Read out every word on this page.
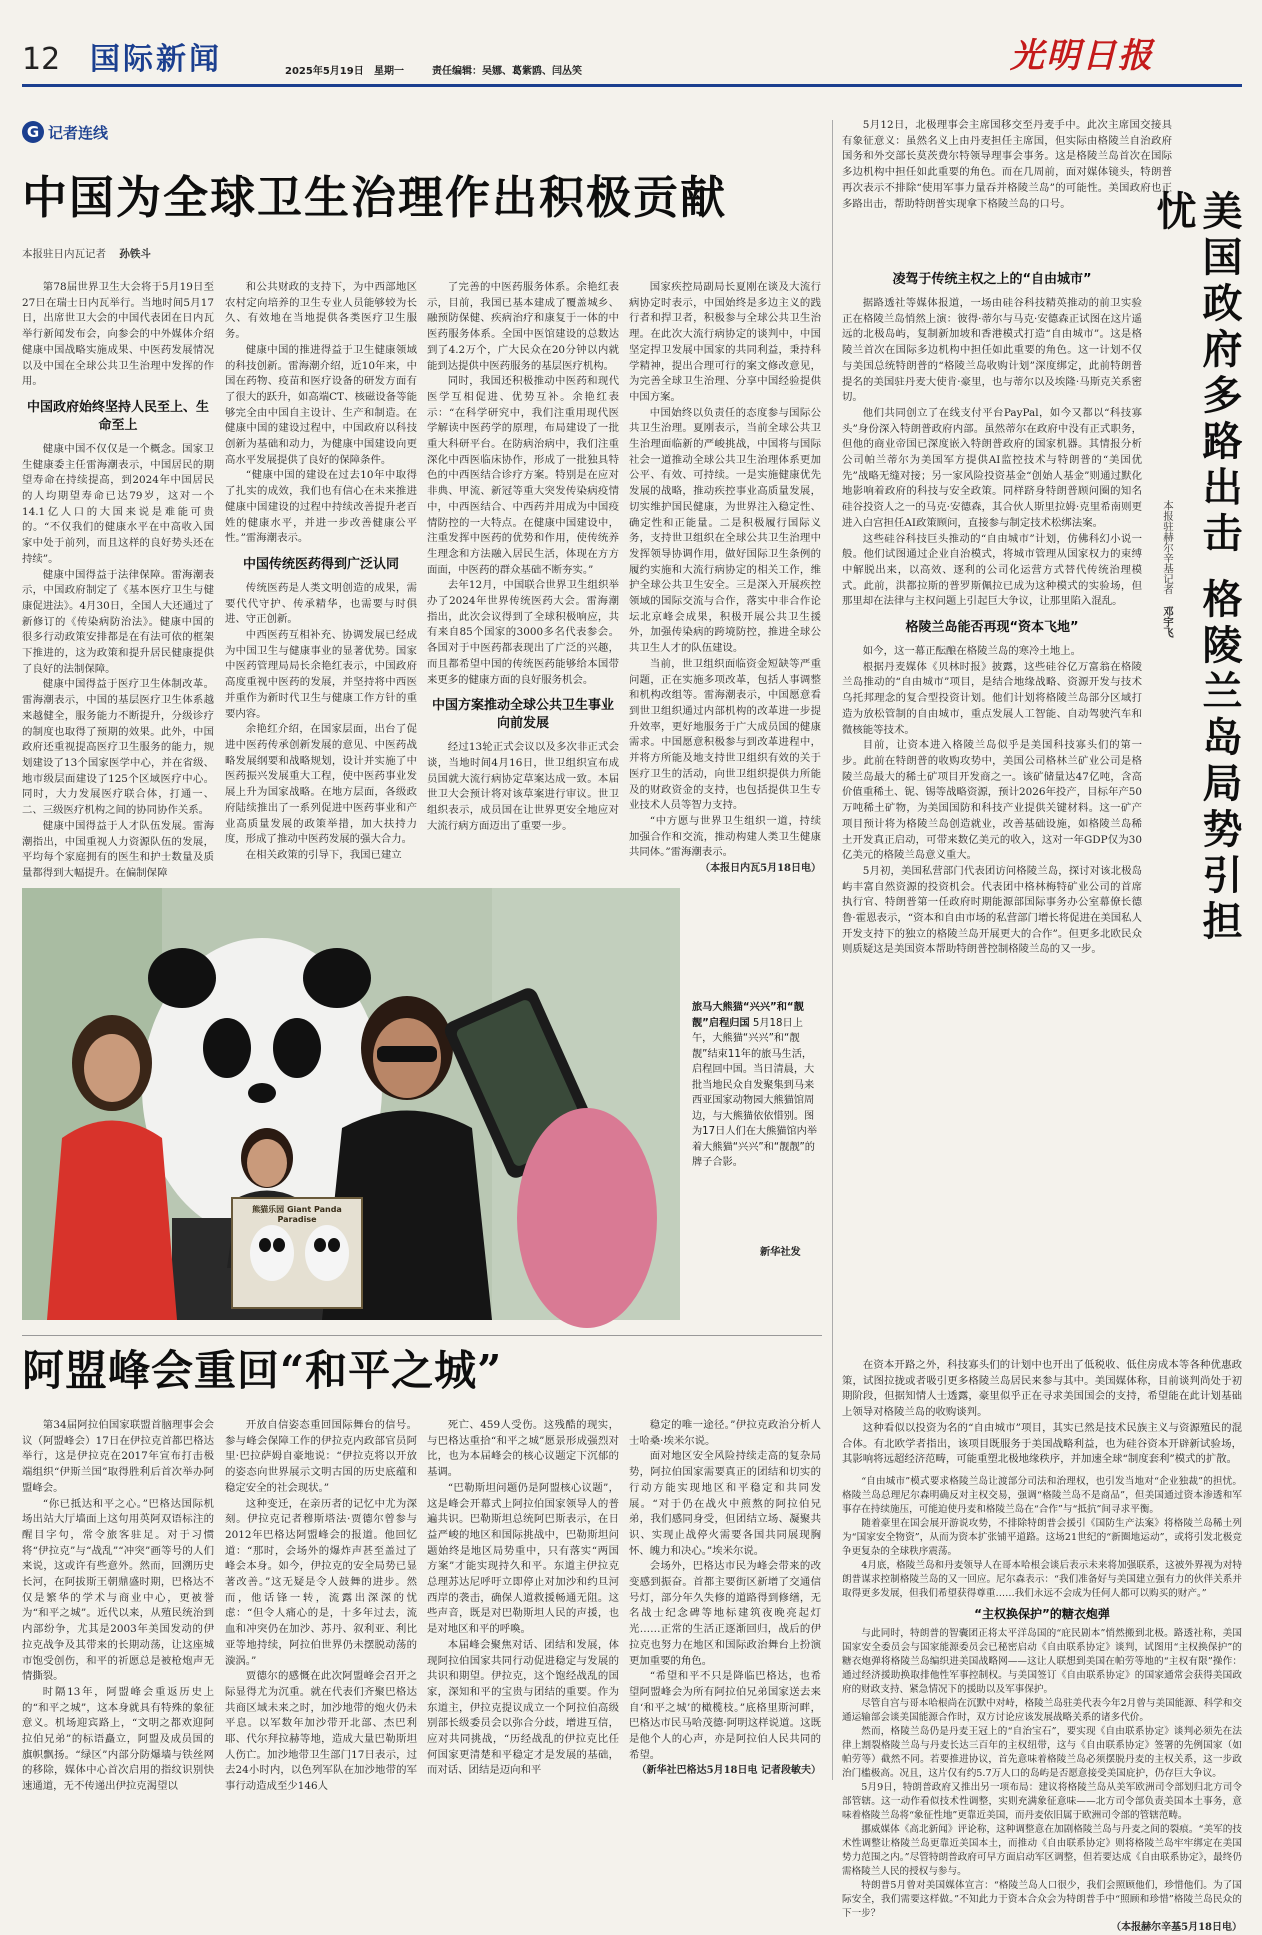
12 国际新闻	2025年5月19日 星期一	责任编辑：吴娜、葛紫鸥、闫丛笑	光明日报
G 记者连线
中国为全球卫生治理作出积极贡献
本报驻日内瓦记者 孙铁斗

第78届世界卫生大会将于5月19日至27日在瑞士日内瓦举行。当地时间5月17日，出席世卫大会的中国代表团在日内瓦举行新闻发布会，向参会的中外媒体介绍健康中国战略实施成果、中医药发展情况以及中国在全球公共卫生治理中发挥的作用。

中国政府始终坚持人民至上、生命至上

健康中国不仅仅是一个概念。国家卫生健康委主任雷海潮表示，中国居民的期望寿命在持续提高，到2024年中国居民的人均期望寿命已达79岁，这对一个14.1亿人口的大国来说是难能可贵的。“不仅我们的健康水平在中高收入国家中处于前列，而且这样的良好势头还在持续”。

健康中国得益于法律保障。雷海潮表示，中国政府制定了《基本医疗卫生与健康促进法》。4月30日，全国人大还通过了新修订的《传染病防治法》。健康中国的很多行动政策安排都是在有法可依的框架下推进的，这为政策和提升居民健康提供了良好的法制保障。

健康中国得益于医疗卫生体制改革。雷海潮表示，中国的基层医疗卫生体系越来越健全，服务能力不断提升，分级诊疗的制度也取得了预期的效果。此外，中国政府还重视提高医疗卫生服务的能力，规划建设了13个国家医学中心，并在省级、地市级层面建设了125个区域医疗中心。同时，大力发展医疗联合体，打通一、二、三级医疗机构之间的协同协作关系。

健康中国得益于人才队伍发展。雷海潮指出，中国重视人力资源队伍的发展，平均每个家庭拥有的医生和护士数量及质量都得到大幅提升。在偏制保障

和公共财政的支持下，为中西部地区农村定向培养的卫生专业人员能够较为长久、有效地在当地提供各类医疗卫生服务。

健康中国的推进得益于卫生健康领域的科技创新。雷海潮介绍，近10年来，中国在药物、疫苗和医疗设备的研发方面有了很大的跃升，如高端CT、核磁设备等能够完全由中国自主设计、生产和制造。在健康中国的建设过程中，中国政府以科技创新为基础和动力，为健康中国建设向更高水平发展提供了良好的保障条件。

“健康中国的建设在过去10年中取得了扎实的成效，我们也有信心在未来推进健康中国建设的过程中持续改善提升老百姓的健康水平，并进一步改善健康公平性。”雷海潮表示。

中国传统医药得到广泛认同

传统医药是人类文明创造的成果，需要代代守护、传承精华，也需要与时俱进、守正创新。

中西医药互相补充、协调发展已经成为中国卫生与健康事业的显著优势。国家中医药管理局局长余艳红表示，中国政府高度重视中医药的发展，并坚持将中西医并重作为新时代卫生与健康工作方针的重要内容。

余艳红介绍，在国家层面，出台了促进中医药传承创新发展的意见、中医药战略发展纲要和战略规划，设计并实施了中医药振兴发展重大工程，使中医药事业发展上升为国家战略。在地方层面，各级政府陆续推出了一系列促进中医药事业和产业高质量发展的政策举措，加大扶持力度，形成了推动中医药发展的强大合力。

在相关政策的引导下，我国已建立

了完善的中医药服务体系。余艳红表示，目前，我国已基本建成了覆盖城乡、融预防保健、疾病治疗和康复于一体的中医药服务体系。全国中医馆建设的总数达到了4.2万个，广大民众在20分钟以内就能到达提供中医药服务的基层医疗机构。

同时，我国还积极推动中医药和现代医学互相促进、优势互补。余艳红表示：“在科学研究中，我们注重用现代医学解读中医药学的原理，布局建设了一批重大科研平台。在防病治病中，我们注重深化中西医临床协作，形成了一批独具特色的中西医结合诊疗方案。特别是在应对非典、甲流、新冠等重大突发传染病疫情中，中西医结合、中西药并用成为中国疫情防控的一大特点。在健康中国建设中，注重发挥中医药的优势和作用，使传统养生理念和方法融入居民生活，体现在方方面面，中医药的群众基础不断夯实。”

去年12月，中国联合世界卫生组织举办了2024年世界传统医药大会。雷海潮指出，此次会议得到了全球积极响应，共有来自85个国家的3000多名代表参会。各国对于中医药都表现出了广泛的兴趣，而且都希望中国的传统医药能够给本国带来更多的健康方面的良好服务机会。

中国方案推动全球公共卫生事业向前发展

经过13轮正式会议以及多次非正式会谈，当地时间4月16日，世卫组织宣布成员国就大流行病协定草案达成一致。本届世卫大会预计将对该草案进行审议。世卫组织表示，成员国在让世界更安全地应对大流行病方面迈出了重要一步。

国家疾控局副局长夏刚在谈及大流行病协定时表示，中国始终是多边主义的践行者和捍卫者，积极参与全球公共卫生治理。在此次大流行病协定的谈判中，中国坚定捍卫发展中国家的共同利益，秉持科学精神，提出合理可行的案文修改意见，为完善全球卫生治理、分享中国经验提供中国方案。

中国始终以负责任的态度参与国际公共卫生治理。夏刚表示，当前全球公共卫生治理面临新的严峻挑战，中国将与国际社会一道推动全球公共卫生治理体系更加公平、有效、可持续。一是实施健康优先发展的战略，推动疾控事业高质量发展，切实维护国民健康，为世界注入稳定性、确定性和正能量。二是积极履行国际义务，支持世卫组织在全球公共卫生治理中发挥领导协调作用，做好国际卫生条例的履约实施和大流行病协定的相关工作，维护全球公共卫生安全。三是深入开展疾控领域的国际交流与合作，落实中非合作论坛北京峰会成果，积极开展公共卫生援外，加强传染病的跨境防控，推进全球公共卫生人才的队伍建设。

当前，世卫组织面临资金短缺等严重问题，正在实施多项改革，包括人事调整和机构改组等。雷海潮表示，中国愿意看到世卫组织通过内部机构的改革进一步提升效率，更好地服务于广大成员国的健康需求。中国愿意积极参与到改革进程中，并将方所能及地支持世卫组织有效的关于医疗卫生的活动，向世卫组织提供力所能及的财政资金的支持，也包括提供卫生专业技术人员等智力支持。

“中方愿与世界卫生组织一道，持续加强合作和交流，推动构建人类卫生健康共同体。”雷海潮表示。

（本报日内瓦5月18日电）
熊猫乐园 Giant Panda Paradise
旅马大熊猫“兴兴”和“靓靓”启程归国 5月18日上午，大熊猫“兴兴”和“靓靓”结束11年的旅马生活，启程回中国。当日清晨，大批当地民众自发聚集到马来西亚国家动物园大熊猫馆周边，与大熊猫依依惜别。图为17日人们在大熊猫馆内举着大熊猫“兴兴”和“靓靓”的牌子合影。
新华社发
阿盟峰会重回“和平之城”

第34届阿拉伯国家联盟首脑理事会会议（阿盟峰会）17日在伊拉克首都巴格达举行，这是伊拉克在2017年宣布打击极端组织“伊斯兰国”取得胜利后首次举办阿盟峰会。

“你已抵达和平之心。”巴格达国际机场出站大厅墙面上这句用英阿双语标注的醒目字句，常令旅客驻足。对于习惯将“伊拉克”与“战乱”“冲突”画等号的人们来说，这或许有些意外。然而，回溯历史长河，在阿拔斯王朝鼎盛时期，巴格达不仅是繁华的学术与商业中心，更被誉为“和平之城”。近代以来，从殖民统治到内部纷争，尤其是2003年美国发动的伊拉克战争及其带来的长期动荡，让这座城市饱受创伤，和平的祈愿总是被枪炮声无情撕裂。

时隔13年，阿盟峰会重返历史上的“和平之城”，这本身就具有特殊的象征意义。机场迎宾路上，“文明之都欢迎阿拉伯兄弟”的标语矗立，阿盟及成员国的旗帜飘扬。“绿区”内部分防爆墙与铁丝网的移除，媒体中心首次启用的指纹识别快速通道，无不传递出伊拉克渴望以

开放自信姿态重回国际舞台的信号。参与峰会保障工作的伊拉克内政部官员阿里·巴拉萨姆自豪地说：“伊拉克将以开放的姿态向世界展示文明古国的历史底蕴和稳定安全的社会现状。”

这种变迁，在亲历者的记忆中尤为深刻。伊拉克记者穆斯塔法·贾德尔曾参与2012年巴格达阿盟峰会的报道。他回忆道：“那时，会场外的爆炸声甚至盖过了峰会本身。如今，伊拉克的安全局势已显著改善。”这无疑是令人鼓舞的进步。然而，他话锋一转，流露出深深的忧虑：“但令人痛心的是，十多年过去，流血和冲突仍在加沙、苏丹、叙利亚、利比亚等地持续，阿拉伯世界仍未摆脱动荡的漩涡。”

贾德尔的感慨在此次阿盟峰会召开之际显得尤为沉重。就在代表们齐聚巴格达共商区域未来之时，加沙地带的炮火仍未平息。以军数年加沙带开北部、杰巴利耶、代尔拜拉赫等地，造成大量巴勒斯坦人伤亡。加沙地带卫生部门17日表示，过去24小时内，以色列军队在加沙地带的军事行动造成至少146人

死亡、459人受伤。这残酷的现实，与巴格达重拾“和平之城”愿景形成强烈对比，也为本届峰会的核心议题定下沉郁的基调。

“巴勒斯坦问题仍是阿盟核心议题”，这是峰会开幕式上阿拉伯国家领导人的普遍共识。巴勒斯坦总统阿巴斯表示，在日益严峻的地区和国际挑战中，巴勒斯坦问题始终是地区局势重中，只有落实“两国方案”才能实现持久和平。东道主伊拉克总理苏达尼呼吁立即停止对加沙和约旦河西岸的袭击，确保人道救援畅通无阻。这些声音，既是对巴勒斯坦人民的声援，也是对地区和平的呼喚。

本届峰会聚焦对话、团结和发展，体现阿拉伯国家共同行动促进稳定与发展的共识和期望。伊拉克，这个饱经战乱的国家，深知和平的宝贵与团结的重要。作为东道主，伊拉克提议成立一个阿拉伯高级别部长级委员会以弥合分歧，增进互信，应对共同挑战，“历经战乱的伊拉克比任何国家更清楚和平稳定才是发展的基础，而对话、团结是迈向和平

稳定的唯一途径。”伊拉克政治分析人士哈桑·埃米尔说。

面对地区安全风险持续走高的复杂局势，阿拉伯国家需要真正的团结和切实的行动方能实现地区和平稳定和共同发展。“对于仍在战火中煎熬的阿拉伯兄弟，我们感同身受，但团结立场、凝聚共识、实现止战停火需要各国共同展现胸怀、魄力和决心。”埃米尔说。

会场外，巴格达市民为峰会带来的改变感到振奋。首都主要街区新增了交通信号灯，部分年久失修的道路得到修缮，无名战士纪念碑等地标建筑夜晚亮起灯光……正常的生活正逐渐回归，战后的伊拉克也努力在地区和国际政治舞台上扮演更加重要的角色。

“希望和平不只是降临巴格达，也希望阿盟峰会为所有阿拉伯兄弟国家送去来自‘和平之城’的橄榄枝。”底格里斯河畔，巴格达市民马哈茂德·阿明这样说道。这既是他个人的心声，亦是阿拉伯人民共同的希望。

（新华社巴格达5月18日电 记者段敏夫）

5月12日，北极理事会主席国移交至丹麦手中。此次主席国交接具有象征意义：虽然名义上由丹麦担任主席国，但实际由格陵兰自治政府国务和外交部长莫茨费尔特领导理事会事务。这是格陵兰岛首次在国际多边机构中担任如此重要的角色。而在几周前，面对媒体镜头，特朗普再次表示不排除“使用军事力量吞并格陵兰岛”的可能性。美国政府也正多路出击，帮助特朗普实现拿下格陵兰岛的口号。	美国政府多路出击 格陵兰岛局势引担忧
本报驻赫尔辛基记者 邓宇飞
凌驾于传统主权之上的“自由城市”

据路透社等媒体报道，一场由硅谷科技精英推动的前卫实验正在格陵兰岛悄然上演：彼得·蒂尔与马克·安德森正试图在这片遥远的北极岛屿，复制新加坡和香港模式打造“自由城市”。这是格陵兰首次在国际多边机构中担任如此重要的角色。这一计划不仅与美国总统特朗普的“格陵兰岛收购计划”深度绑定，此前特朗普提名的美国驻丹麦大使肯·豪里，也与蒂尔以及埃隆·马斯克关系密切。

他们共同创立了在线支付平台PayPal，如今又都以“科技寡头”身份深入特朗普政府内部。虽然蒂尔在政府中没有正式职务，但他的商业帝国已深度嵌入特朗普政府的国家机器。其情报分析公司帕兰蒂尔为美国军方提供AI监控技术与特朗普的“美国优先”战略无缝对接；另一家风险投资基金“创始人基金”则通过默化地影响着政府的科技与安全政策。同样跻身特朗普顾问圈的知名硅谷投资人之一的马克·安德森，其合伙人斯里拉姆·克里希南则更进入白宫担任AI政策顾问，直接参与制定技术松绑法案。

这些硅谷科技巨头推动的“自由城市”计划，仿佛科幻小说一般。他们试图通过企业自治模式，将城市管理从国家权力的束缚中解脱出来，以高效、逐利的公司化运营方式替代传统治理模式。此前，洪都拉斯的普罗斯佩拉已成为这种模式的实验场，但那里却在法律与主权问题上引起巨大争议，让那里陷入混乱。

格陵兰岛能否再现“资本飞地”

如今，这一幕正酝酿在格陵兰岛的寒冷土地上。

根据丹麦媒体《贝林时报》披露，这些硅谷亿万富翁在格陵兰岛推动的“自由城市”项目，是结合地缘战略、资源开发与技术乌托邦理念的复合型投资计划。他们计划将格陵兰岛部分区域打造为放松管制的自由城市，重点发展人工智能、自动驾驶汽车和微核能等技术。

目前，让资本进入格陵兰岛似乎是美国科技寡头们的第一步。此前在特朗普的收购攻势中，美国公司格林兰矿业公司是格陵兰岛最大的稀土矿项目开发商之一。该矿储量达47亿吨，含高价值重稀土、铌、锡等战略资源，预计2026年投产，目标年产50万吨稀土矿物，为美国国防和科技产业提供关键材料。这一矿产项目预计将为格陵兰岛创造就业，改善基础设施，如格陵兰岛稀土开发真正启动，可带来数亿美元的收入，这对一年GDP仅为30亿美元的格陵兰岛意义重大。

5月初，美国私营部门代表团访问格陵兰岛，探讨对该北极岛屿丰富自然资源的投资机会。代表团中格林梅特矿业公司的首席执行官、特朗普第一任政府时期能源部国际事务办公室幕僚长德鲁·霍恩表示，“资本和自由市场的私营部门增长将促进在美国私人开发支持下的独立的格陵兰岛开展更大的合作”。但更多北欧民众则质疑这是美国资本帮助特朗普控制格陵兰岛的又一步。

在资本开路之外，科技寡头们的计划中也开出了低税收、低住房成本等各种优惠政策，试图拉拢或者吸引更多格陵兰岛居民来参与其中。美国媒体称，目前谈判尚处于初期阶段，但据知情人士透露，豪里似乎正在寻求美国国会的支持，希望能在此计划基础上领导对格陵兰岛的收购谈判。

这种看似以投资为名的“自由城市”项目，其实已然是技术民族主义与资源殖民的混合体。有北欧学者指出，该项目既服务于美国战略利益，也为硅谷资本开辟新试验场，其影响将远超经济范畴，可能重塑北极地缘秩序，并加速全球“制度套利”模式的扩散。

“自由城市”模式要求格陵兰岛让渡部分司法和治理权，也引发当地对“企业独裁”的担忧。格陵兰岛总理尼尔森明确反对主权交易，强调“格陵兰岛不是商品”，但美国通过资本渗透和军事存在持续施压，可能迫使丹麦和格陵兰岛在“合作”与“抵抗”间寻求平衡。

随着豪里在国会展开游说攻势，不排除特朗普会援引《国防生产法案》将格陵兰岛稀土列为“国家安全物资”，从而为资本扩张铺平道路。这场21世纪的“新圈地运动”，或将引发北极竞争更复杂的全球秩序震荡。

4月底，格陵兰岛和丹麦领导人在哥本哈根会谈后表示未来将加强联系，这被外界视为对特朗普谋求控制格陵兰岛的又一回应。尼尔森表示：“我们准备好与美国建立强有力的伙伴关系并取得更多发展，但我们希望获得尊重……我们永远不会成为任何人都可以购买的财产。”

“主权换保护”的糖衣炮弹

与此同时，特朗普的智囊团正将太平洋岛国的“庇民剧本”悄然搬到北极。路透社称，美国国家安全委员会与国家能源委员会已秘密启动《自由联系协定》谈判，试图用“主权换保护”的糖衣炮弹将格陵兰岛编织进美国战略网——这让人联想到美国在帕劳等地的“主权有限”操作：通过经济援助换取排他性军事控制权。与美国签订《自由联系协定》的国家通常会获得美国政府的财政支持、紧急情况下的援助以及军事保护。

尽管自宫与哥本哈根尚在沉默中对峙，格陵兰岛驻美代表今年2月曾与美国能源、科学和交通运输部会谈美国能源合作时，双方讨论应该发展战略关系的诸多代价。

然而，格陵兰岛仍是丹麦王冠上的“自治宝石”，要实现《自由联系协定》谈判必须先在法律上割裂格陵兰岛与丹麦长达三百年的主权纽带，这与《自由联系协定》签署的先例国家（如帕劳等）截然不同。若要推进协议，首先意味着格陵兰岛必须摆脱丹麦的主权关系，这一步政治门槛极高。况且，这片仅有约5.7万人口的岛屿是否愿意接受美国庇护，仍存巨大争议。

5月9日，特朗普政府又推出另一项布局：建议将格陵兰岛从美军欧洲司令部划归北方司令部管辖。这一动作看似技术性调整，实则充满象征意味——北方司令部负责美国本土事务，意味着格陵兰岛将“象征性地”更靠近美国，而丹麦依旧属于欧洲司令部的管辖范畴。

挪威媒体《高北新闻》评论称，这种调整意在加剧格陵兰岛与丹麦之间的裂痕。“美军的技术性调整让格陵兰岛更靠近美国本土，而推动《自由联系协定》则将格陵兰岛牢牢绑定在美国势力范围之内。”尽管特朗普政府可早方面启动军区调整，但若要达成《自由联系协定》，最终仍需格陵兰人民的授权与参与。

特朗普5月曾对美国媒体宣言：“格陵兰岛人口很少，我们会照顾他们，珍惜他们。为了国际安全，我们需要这样做。”不知此力于资本合众会为特朗普手中“照顾和珍惜”格陵兰岛民众的下一步？

（本报赫尔辛基5月18日电）
